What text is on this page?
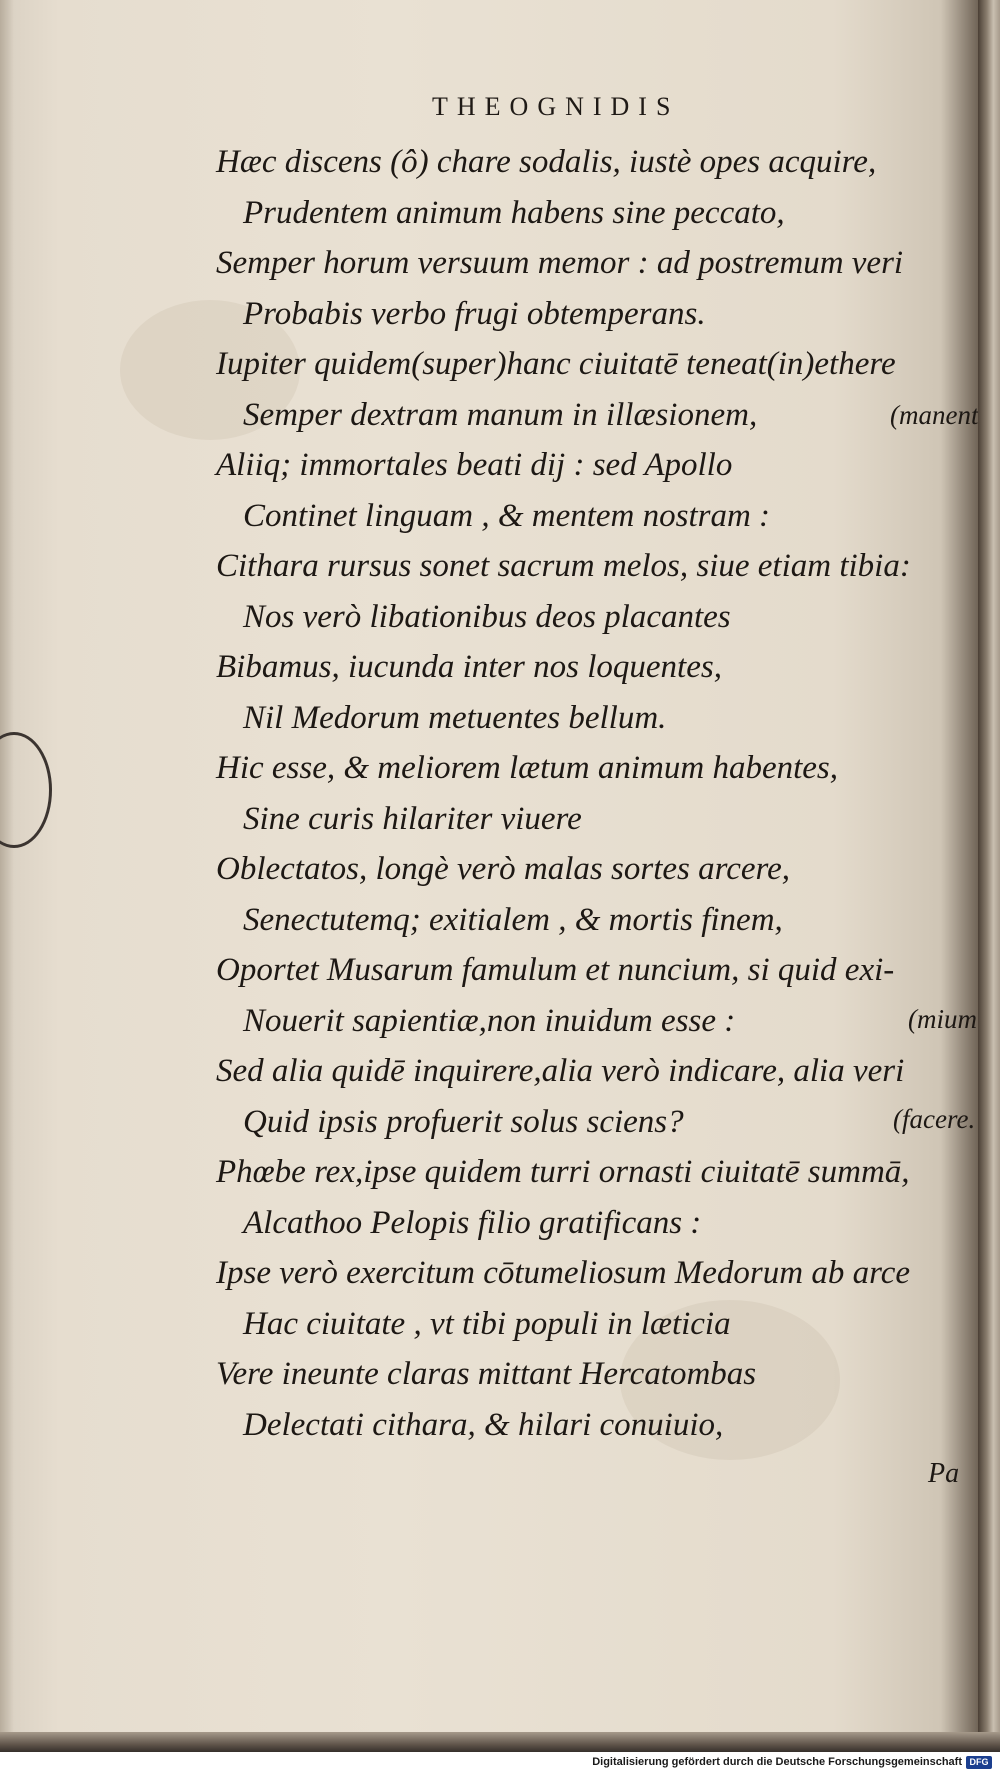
THEOGNIDIS

Hæc discens (ô) chare sodalis, iustè opes acquire,

Prudentem animum habens sine peccato,

Semper horum versuum memor : ad postremum veri

Probabis verbo frugi obtemperans.

Iupiter quidem(super)hanc ciuitatē teneat(in)ethere

Semper dextram manum in illæsionem,

Aliiq; immortales beati dij : sed Apollo

Continet linguam , & mentem nostram :

Cithara rursus sonet sacrum melos, siue etiam tibia:

Nos verò libationibus deos placantes

Bibamus, iucunda inter nos loquentes,

Nil Medorum metuentes bellum.

Hic esse, & meliorem lætum animum habentes,

Sine curis hilariter viuere

Oblectatos, longè verò malas sortes arcere,

Senectutemq; exitialem , & mortis finem,

Oportet Musarum famulum et nuncium, si quid exi-

Nouerit sapientiæ,non inuidum esse :

Sed alia quidē inquirere,alia verò indicare, alia veri

Quid ipsis profuerit solus sciens?

Phœbe rex,ipse quidem turri ornasti ciuitatē summā,

Alcathoo Pelopis filio gratificans :

Ipse verò exercitum cōtumeliosum Medorum ab arce

Hac ciuitate , vt tibi populi in læticia

Vere ineunte claras mittant Hercatombas

Delectati cithara, & hilari conuiuio,

(manent
(mium
(facere.
Pa
Digitalisierung gefördert durch die Deutsche Forschungsgemeinschaft DFG
